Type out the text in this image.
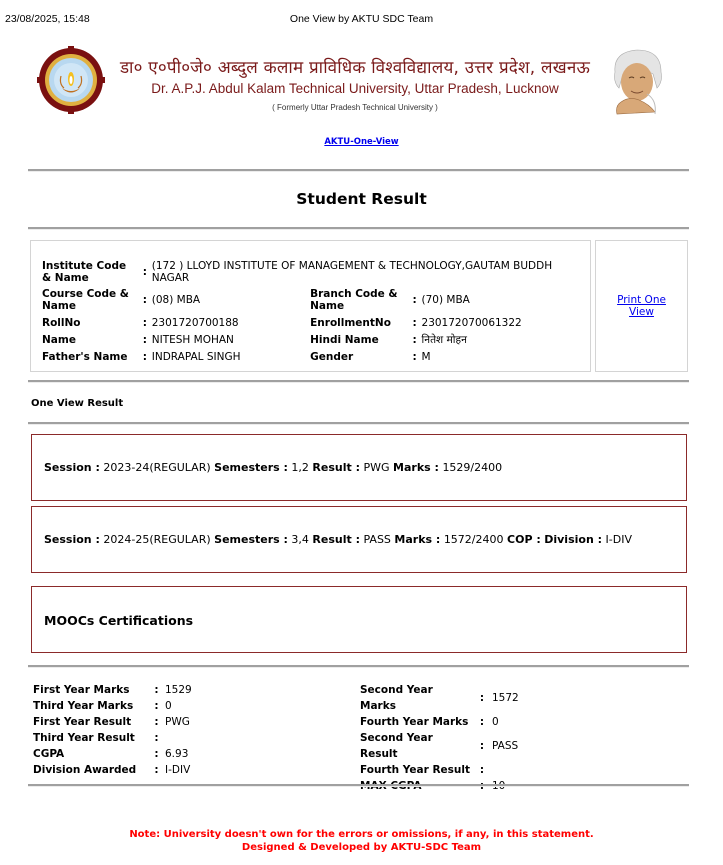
23/08/2025, 15:48	One View by AKTU SDC Team
डा० ए०पी०जे० अब्दुल कलाम प्राविधिक विश्वविद्यालय, उत्तर प्रदेश, लखनऊ
Dr. A.P.J. Abdul Kalam Technical University, Uttar Pradesh, Lucknow
( Formerly Uttar Pradesh Technical University )
AKTU-One-View
Student Result
Institute Code & Name	:	(172 ) LLOYD INSTITUTE OF MANAGEMENT & TECHNOLOGY,GAUTAM BUDDH NAGAR			
Course Code & Name	:	(08) MBA	Branch Code & Name	:	(70) MBA
RollNo	:	2301720700188	EnrollmentNo	:	230172070061322
Name	:	NITESH MOHAN	Hindi Name	:	नितेश मोहन
Father's Name	:	INDRAPAL SINGH	Gender	:	M
Print One
View
One View Result
Session : 2023-24(REGULAR) Semesters : 1,2 Result : PWG Marks : 1529/2400
Session : 2024-25(REGULAR) Semesters : 3,4 Result : PASS Marks : 1572/2400 COP : Division : I-DIV
MOOCs Certifications
First Year Marks	:	1529
Third Year Marks	:	0
First Year Result	:	PWG
Third Year Result	:	
CGPA	:	6.93
Division Awarded	:	I-DIV
Second Year Marks	:	1572
Fourth Year Marks	:	0
Second Year Result	:	PASS
Fourth Year Result	:	
MAX CGPA	:	10
Note: University doesn't own for the errors or omissions, if any, in this statement.
Designed & Developed by AKTU-SDC Team
